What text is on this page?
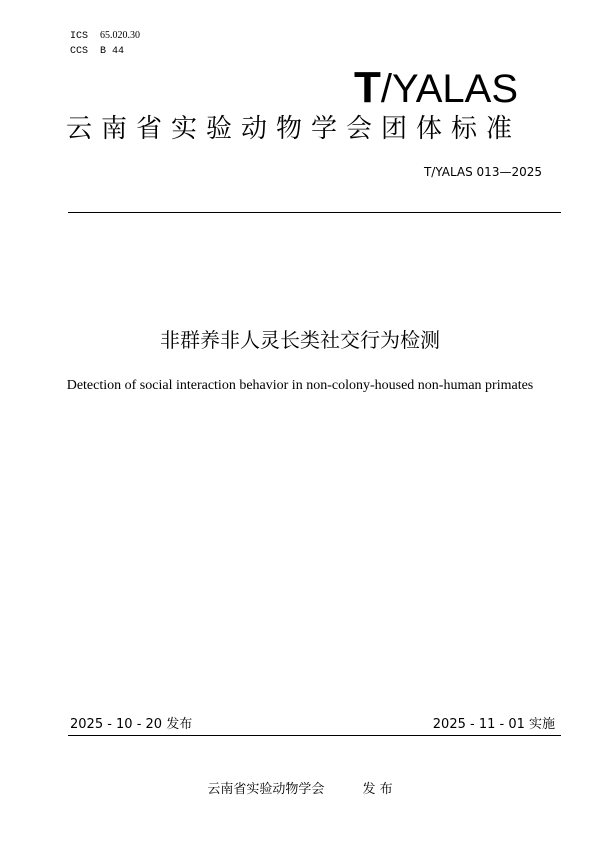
ICS 65.020.30
CCS B 44
T/YALAS
云南省实验动物学会团体标准
T/YALAS 013—2025
非群养非人灵长类社交行为检测
Detection of social interaction behavior in non-colony-housed non-human primates
2025 - 10 - 20 发布	2025 - 11 - 01 实施
云南省实验动物学会	发 布
